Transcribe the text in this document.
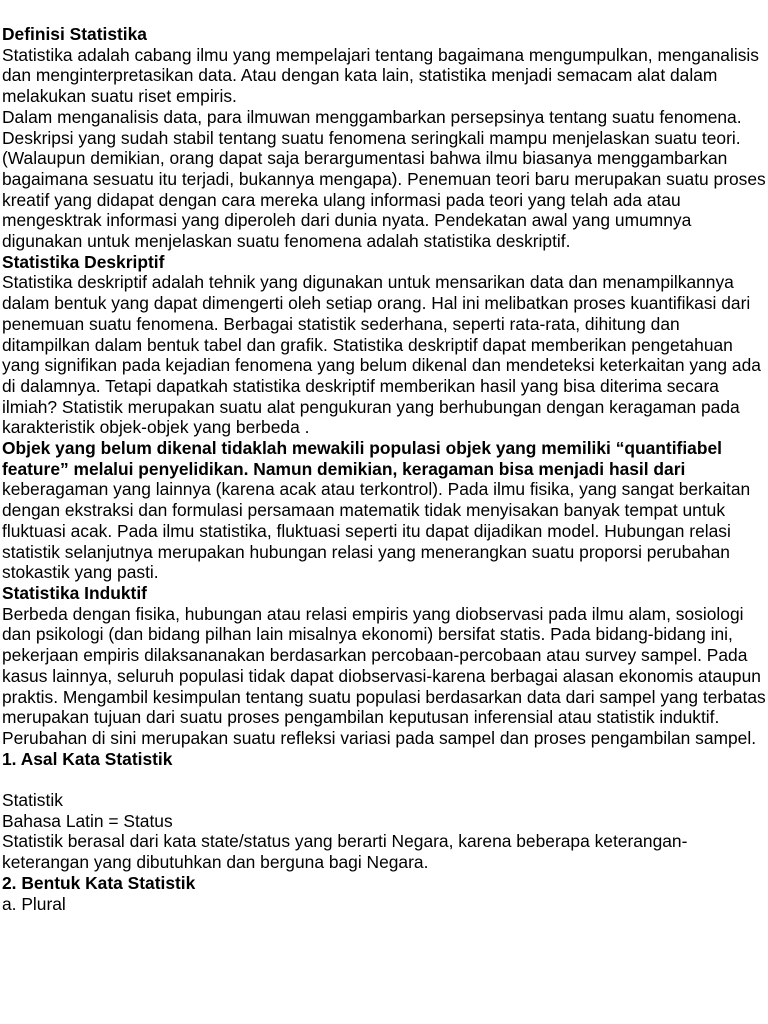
Definisi Statistika

Statistika adalah cabang ilmu yang mempelajari tentang bagaimana mengumpulkan, menganalisis dan menginterpretasikan data. Atau dengan kata lain, statistika menjadi semacam alat dalam melakukan suatu riset empiris.

Dalam menganalisis data, para ilmuwan menggambarkan persepsinya tentang suatu fenomena. Deskripsi yang sudah stabil tentang suatu fenomena seringkali mampu menjelaskan suatu teori. (Walaupun demikian, orang dapat saja berargumentasi bahwa ilmu biasanya menggambarkan bagaimana sesuatu itu terjadi, bukannya mengapa). Penemuan teori baru merupakan suatu proses kreatif yang didapat dengan cara mereka ulang informasi pada teori yang telah ada atau mengesktrak informasi yang diperoleh dari dunia nyata. Pendekatan awal yang umumnya digunakan untuk menjelaskan suatu fenomena adalah statistika deskriptif.

Statistika Deskriptif

Statistika deskriptif adalah tehnik yang digunakan untuk mensarikan data dan menampilkannya dalam bentuk yang dapat dimengerti oleh setiap orang. Hal ini melibatkan proses kuantifikasi dari penemuan suatu fenomena. Berbagai statistik sederhana, seperti rata-rata, dihitung dan ditampilkan dalam bentuk tabel dan grafik. Statistika deskriptif dapat memberikan pengetahuan yang signifikan pada kejadian fenomena yang belum dikenal dan mendeteksi keterkaitan yang ada di dalamnya. Tetapi dapatkah statistika deskriptif memberikan hasil yang bisa diterima secara ilmiah? Statistik merupakan suatu alat pengukuran yang berhubungan dengan keragaman pada karakteristik objek-objek yang berbeda .

Objek yang belum dikenal tidaklah mewakili populasi objek yang memiliki “quantifiabel feature” melalui penyelidikan. Namun demikian, keragaman bisa menjadi hasil dari keberagaman yang lainnya (karena acak atau terkontrol). Pada ilmu fisika, yang sangat berkaitan dengan ekstraksi dan formulasi persamaan matematik tidak menyisakan banyak tempat untuk fluktuasi acak. Pada ilmu statistika, fluktuasi seperti itu dapat dijadikan model. Hubungan relasi statistik selanjutnya merupakan hubungan relasi yang menerangkan suatu proporsi perubahan stokastik yang pasti.

Statistika Induktif

Berbeda dengan fisika, hubungan atau relasi empiris yang diobservasi pada ilmu alam, sosiologi dan psikologi (dan bidang pilhan lain misalnya ekonomi) bersifat statis. Pada bidang-bidang ini, pekerjaan empiris dilaksananakan berdasarkan percobaan-percobaan atau survey sampel. Pada kasus lainnya, seluruh populasi tidak dapat diobservasi-karena berbagai alasan ekonomis ataupun praktis. Mengambil kesimpulan tentang suatu populasi berdasarkan data dari sampel yang terbatas merupakan tujuan dari suatu proses pengambilan keputusan inferensial atau statistik induktif.

Perubahan di sini merupakan suatu refleksi variasi pada sampel dan proses pengambilan sampel.

1. Asal Kata Statistik

Statistik

Bahasa Latin = Status

Statistik berasal dari kata state/status yang berarti Negara, karena beberapa keterangan-keterangan yang dibutuhkan dan berguna bagi Negara.

2. Bentuk Kata Statistik

a. Plural
